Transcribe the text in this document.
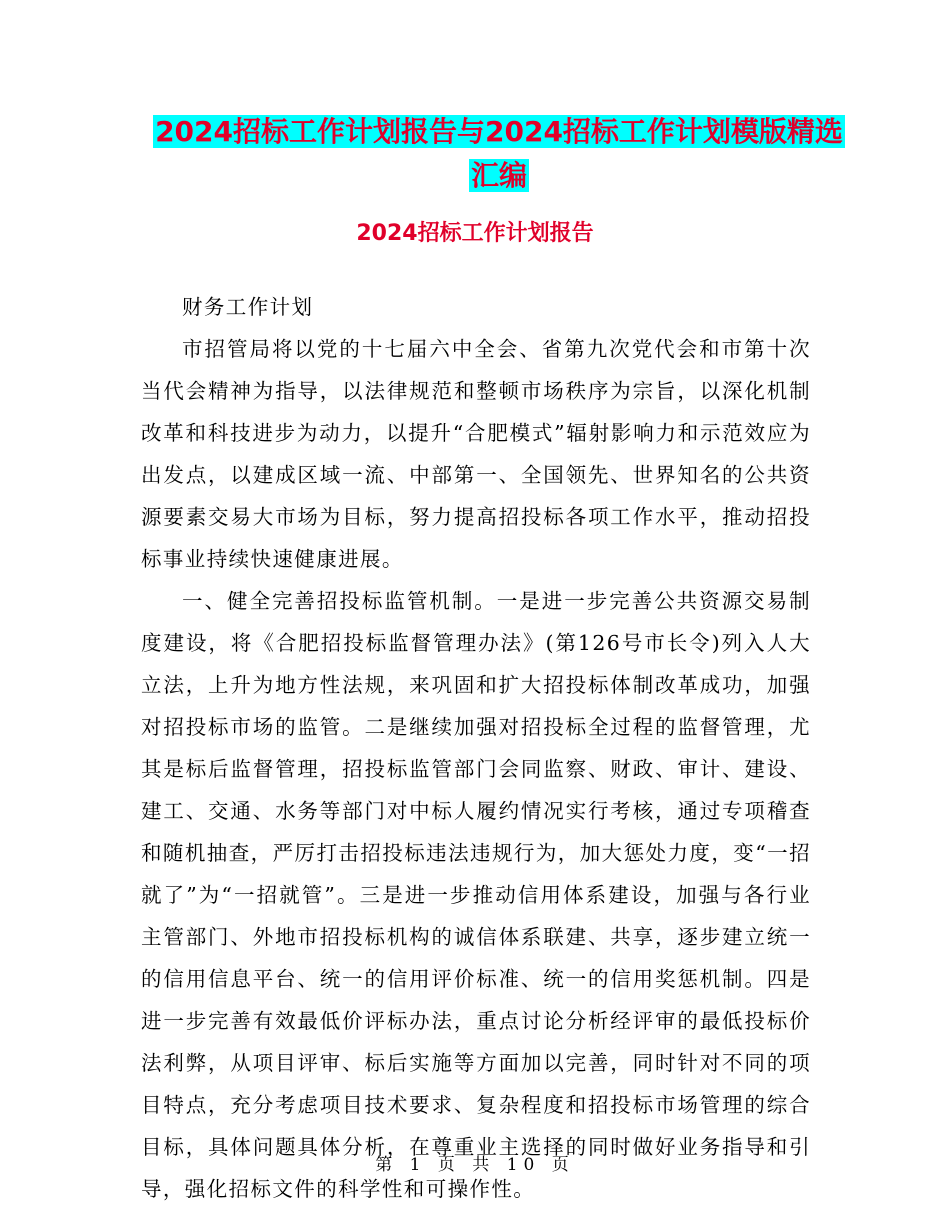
2024招标工作计划报告与2024招标工作计划模版精选
汇编
2024招标工作计划报告

财务工作计划

市招管局将以党的十七届六中全会、省第九次党代会和市第十次当代会精神为指导，以法律规范和整顿市场秩序为宗旨，以深化机制改革和科技进步为动力，以提升“合肥模式”辐射影响力和示范效应为出发点，以建成区域一流、中部第一、全国领先、世界知名的公共资源要素交易大市场为目标，努力提高招投标各项工作水平，推动招投标事业持续快速健康进展。

一、健全完善招投标监管机制。一是进一步完善公共资源交易制度建设，将《合肥招投标监督管理办法》(第126号市长令)列入人大立法，上升为地方性法规，来巩固和扩大招投标体制改革成功，加强对招投标市场的监管。二是继续加强对招投标全过程的监督管理，尤其是标后监督管理，招投标监管部门会同监察、财政、审计、建设、建工、交通、水务等部门对中标人履约情况实行考核，通过专项稽查和随机抽查，严厉打击招投标违法违规行为，加大惩处力度，变“一招就了”为“一招就管”。三是进一步推动信用体系建设，加强与各行业主管部门、外地市招投标机构的诚信体系联建、共享，逐步建立统一的信用信息平台、统一的信用评价标准、统一的信用奖惩机制。四是进一步完善有效最低价评标办法，重点讨论分析经评审的最低投标价法利弊，从项目评审、标后实施等方面加以完善，同时针对不同的项目特点，充分考虑项目技术要求、复杂程度和招投标市场管理的综合目标，具体问题具体分析，在尊重业主选择的同时做好业务指导和引导，强化招标文件的科学性和可操作性。

第 1 页 共 10 页
